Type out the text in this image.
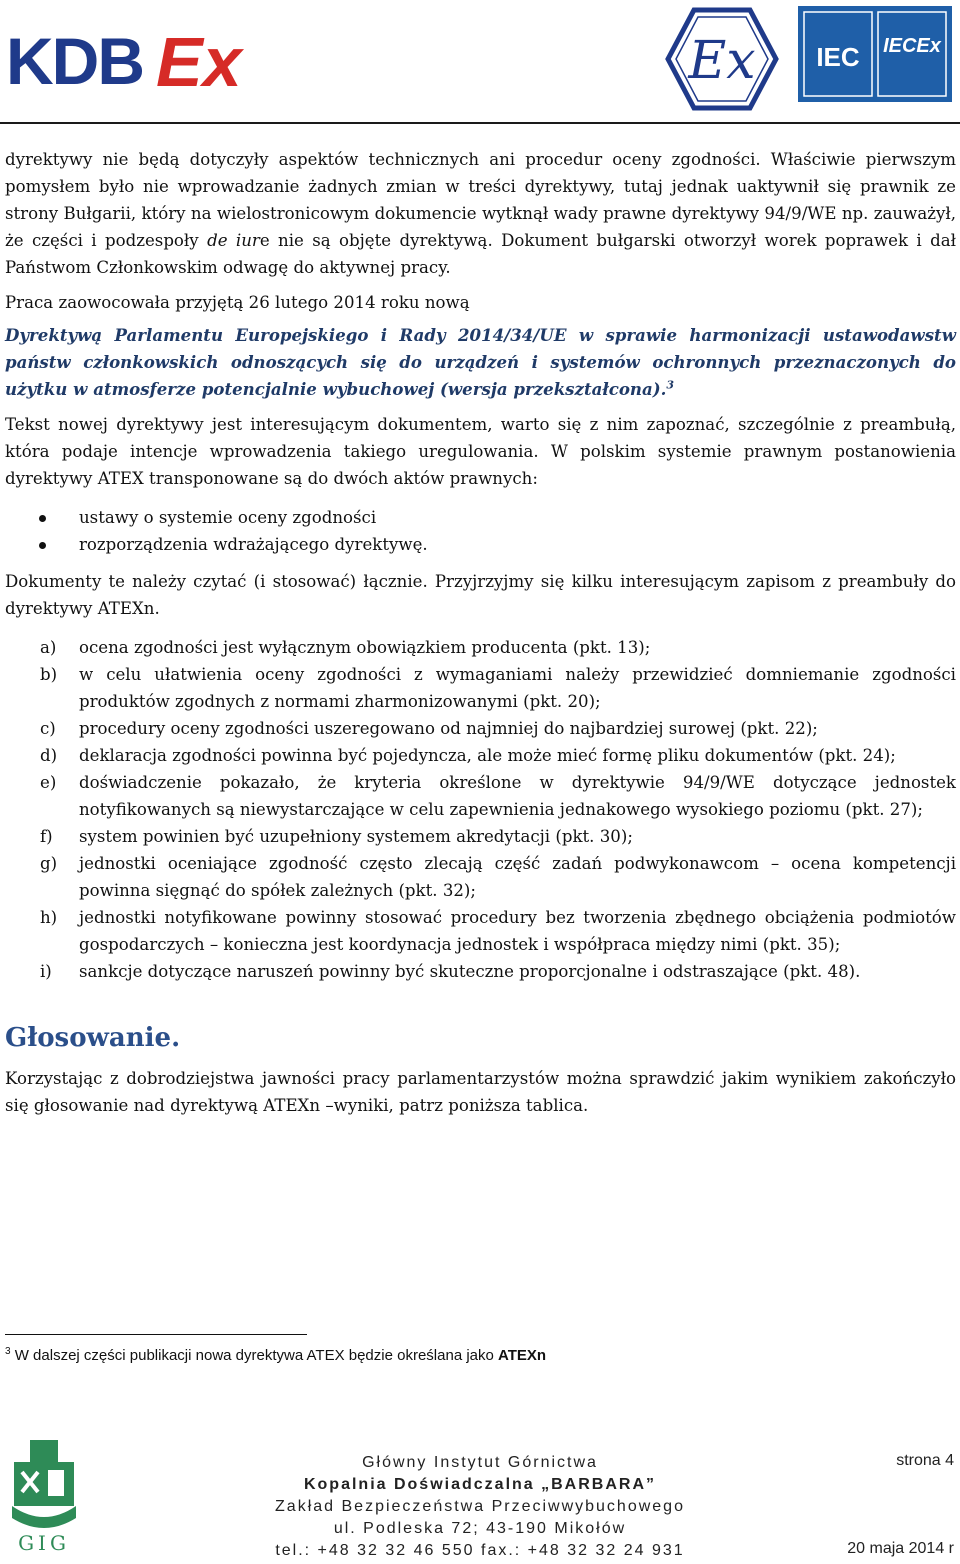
KDB Ex	Ex IEC IECEx

dyrektywy nie będą dotyczyły aspektów technicznych ani procedur oceny zgodności. Właściwie pierwszym pomysłem było nie wprowadzanie żadnych zmian w treści dyrektywy, tutaj jednak uaktywnił się prawnik ze strony Bułgarii, który na wielostronicowym dokumencie wytknął wady prawne dyrektywy 94/9/WE np. zauważył, że części i podzespoły de iure nie są objęte dyrektywą. Dokument bułgarski otworzył worek poprawek i dał Państwom Członkowskim odwagę do aktywnej pracy.

Praca zaowocowała przyjętą 26 lutego 2014 roku nową

Dyrektywą Parlamentu Europejskiego i Rady 2014/34/UE w sprawie harmonizacji ustawodawstw państw członkowskich odnoszących się do urządzeń i systemów ochronnych przeznaczonych do użytku w atmosferze potencjalnie wybuchowej (wersja przekształcona).$^3$

Tekst nowej dyrektywy jest interesującym dokumentem, warto się z nim zapoznać, szczególnie z preambułą, która podaje intencje wprowadzenia takiego uregulowania. W polskim systemie prawnym postanowienia dyrektywy ATEX transponowane są do dwóch aktów prawnych:

ustawy o systemie oceny zgodności
rozporządzenia wdrażającego dyrektywę.

Dokumenty te należy czytać (i stosować) łącznie. Przyjrzyjmy się kilku interesującym zapisom z preambuły do dyrektywy ATEXn.

a) ocena zgodności jest wyłącznym obowiązkiem producenta (pkt. 13);
b) w celu ułatwienia oceny zgodności z wymaganiami należy przewidzieć domniemanie zgodności produktów zgodnych z normami zharmonizowanymi (pkt. 20);
c) procedury oceny zgodności uszeregowano od najmniej do najbardziej surowej (pkt. 22);
d) deklaracja zgodności powinna być pojedyncza, ale może mieć formę pliku dokumentów (pkt. 24);
e) doświadczenie pokazało, że kryteria określone w dyrektywie 94/9/WE dotyczące jednostek notyfikowanych są niewystarczające w celu zapewnienia jednakowego wysokiego poziomu (pkt. 27);
f) system powinien być uzupełniony systemem akredytacji (pkt. 30);
g) jednostki oceniające zgodność często zlecają część zadań podwykonawcom – ocena kompetencji powinna sięgnąć do spółek zależnych (pkt. 32);
h) jednostki notyfikowane powinny stosować procedury bez tworzenia zbędnego obciążenia podmiotów gospodarczych – konieczna jest koordynacja jednostek i współpraca między nimi (pkt. 35);
i) sankcje dotyczące naruszeń powinny być skuteczne proporcjonalne i odstraszające (pkt. 48).
Głosowanie.

Korzystając z dobrodziejstwa jawności pracy parlamentarzystów można sprawdzić jakim wynikiem zakończyło się głosowanie nad dyrektywą ATEXn –wyniki, patrz poniższa tablica.

$^3$ W dalszej części publikacji nowa dyrektywa ATEX będzie określana jako ATEXn
GIG
Główny Instytut Górnictwa
Kopalnia Doświadczalna „BARBARA”
Zakład Bezpieczeństwa Przeciwwybuchowego
ul. Podleska 72; 43-190 Mikołów
tel.: +48 32 32 46 550 fax.: +48 32 32 24 931
strona 4
20 maja 2014 r
